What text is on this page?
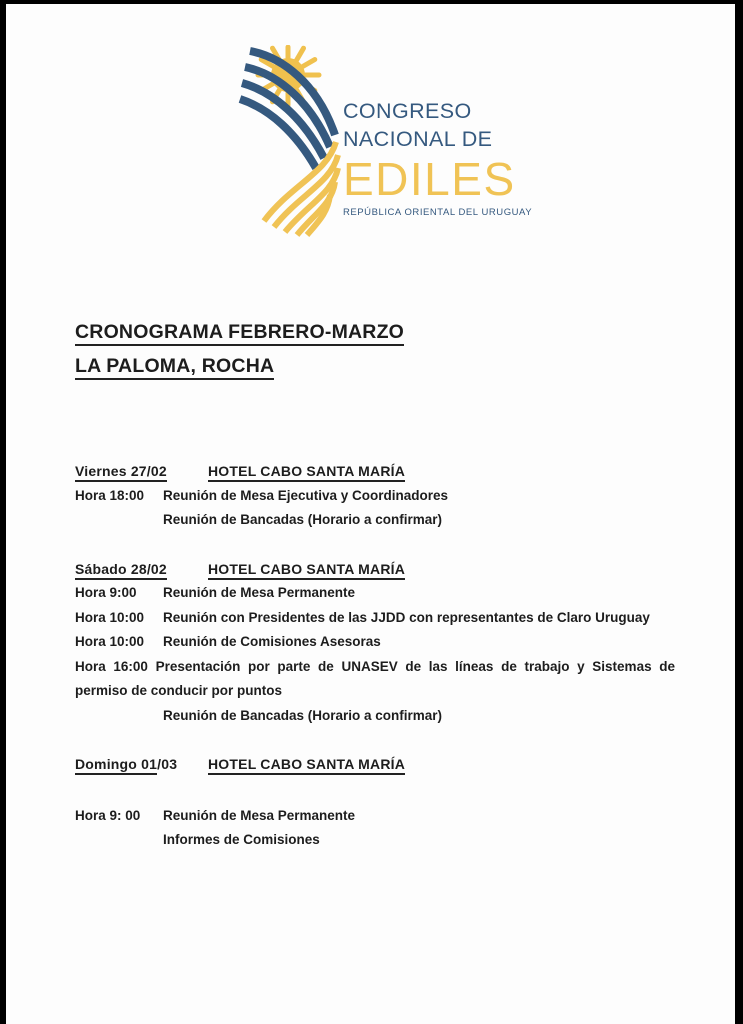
CONGRESO
NACIONAL DE
EDILES
REPÚBLICA ORIENTAL DEL URUGUAY
CRONOGRAMA FEBRERO-MARZO
LA PALOMA, ROCHA
Viernes 27/02	HOTEL CABO SANTA MARÍA
Hora 18:00	Reunión de Mesa Ejecutiva y Coordinadores
Reunión de Bancadas (Horario a confirmar)
Sábado 28/02	HOTEL CABO SANTA MARÍA
Hora 9:00	Reunión de Mesa Permanente
Hora 10:00	Reunión con Presidentes de las JJDD con representantes de Claro Uruguay
Hora 10:00	Reunión de Comisiones Asesoras
Hora 16:00 Presentación por parte de UNASEV de las líneas de trabajo y Sistemas de
permiso de conducir por puntos
Reunión de Bancadas (Horario a confirmar)
Domingo 01/03 HOTEL CABO SANTA MARÍA
Hora 9: 00	Reunión de Mesa Permanente
Informes de Comisiones
